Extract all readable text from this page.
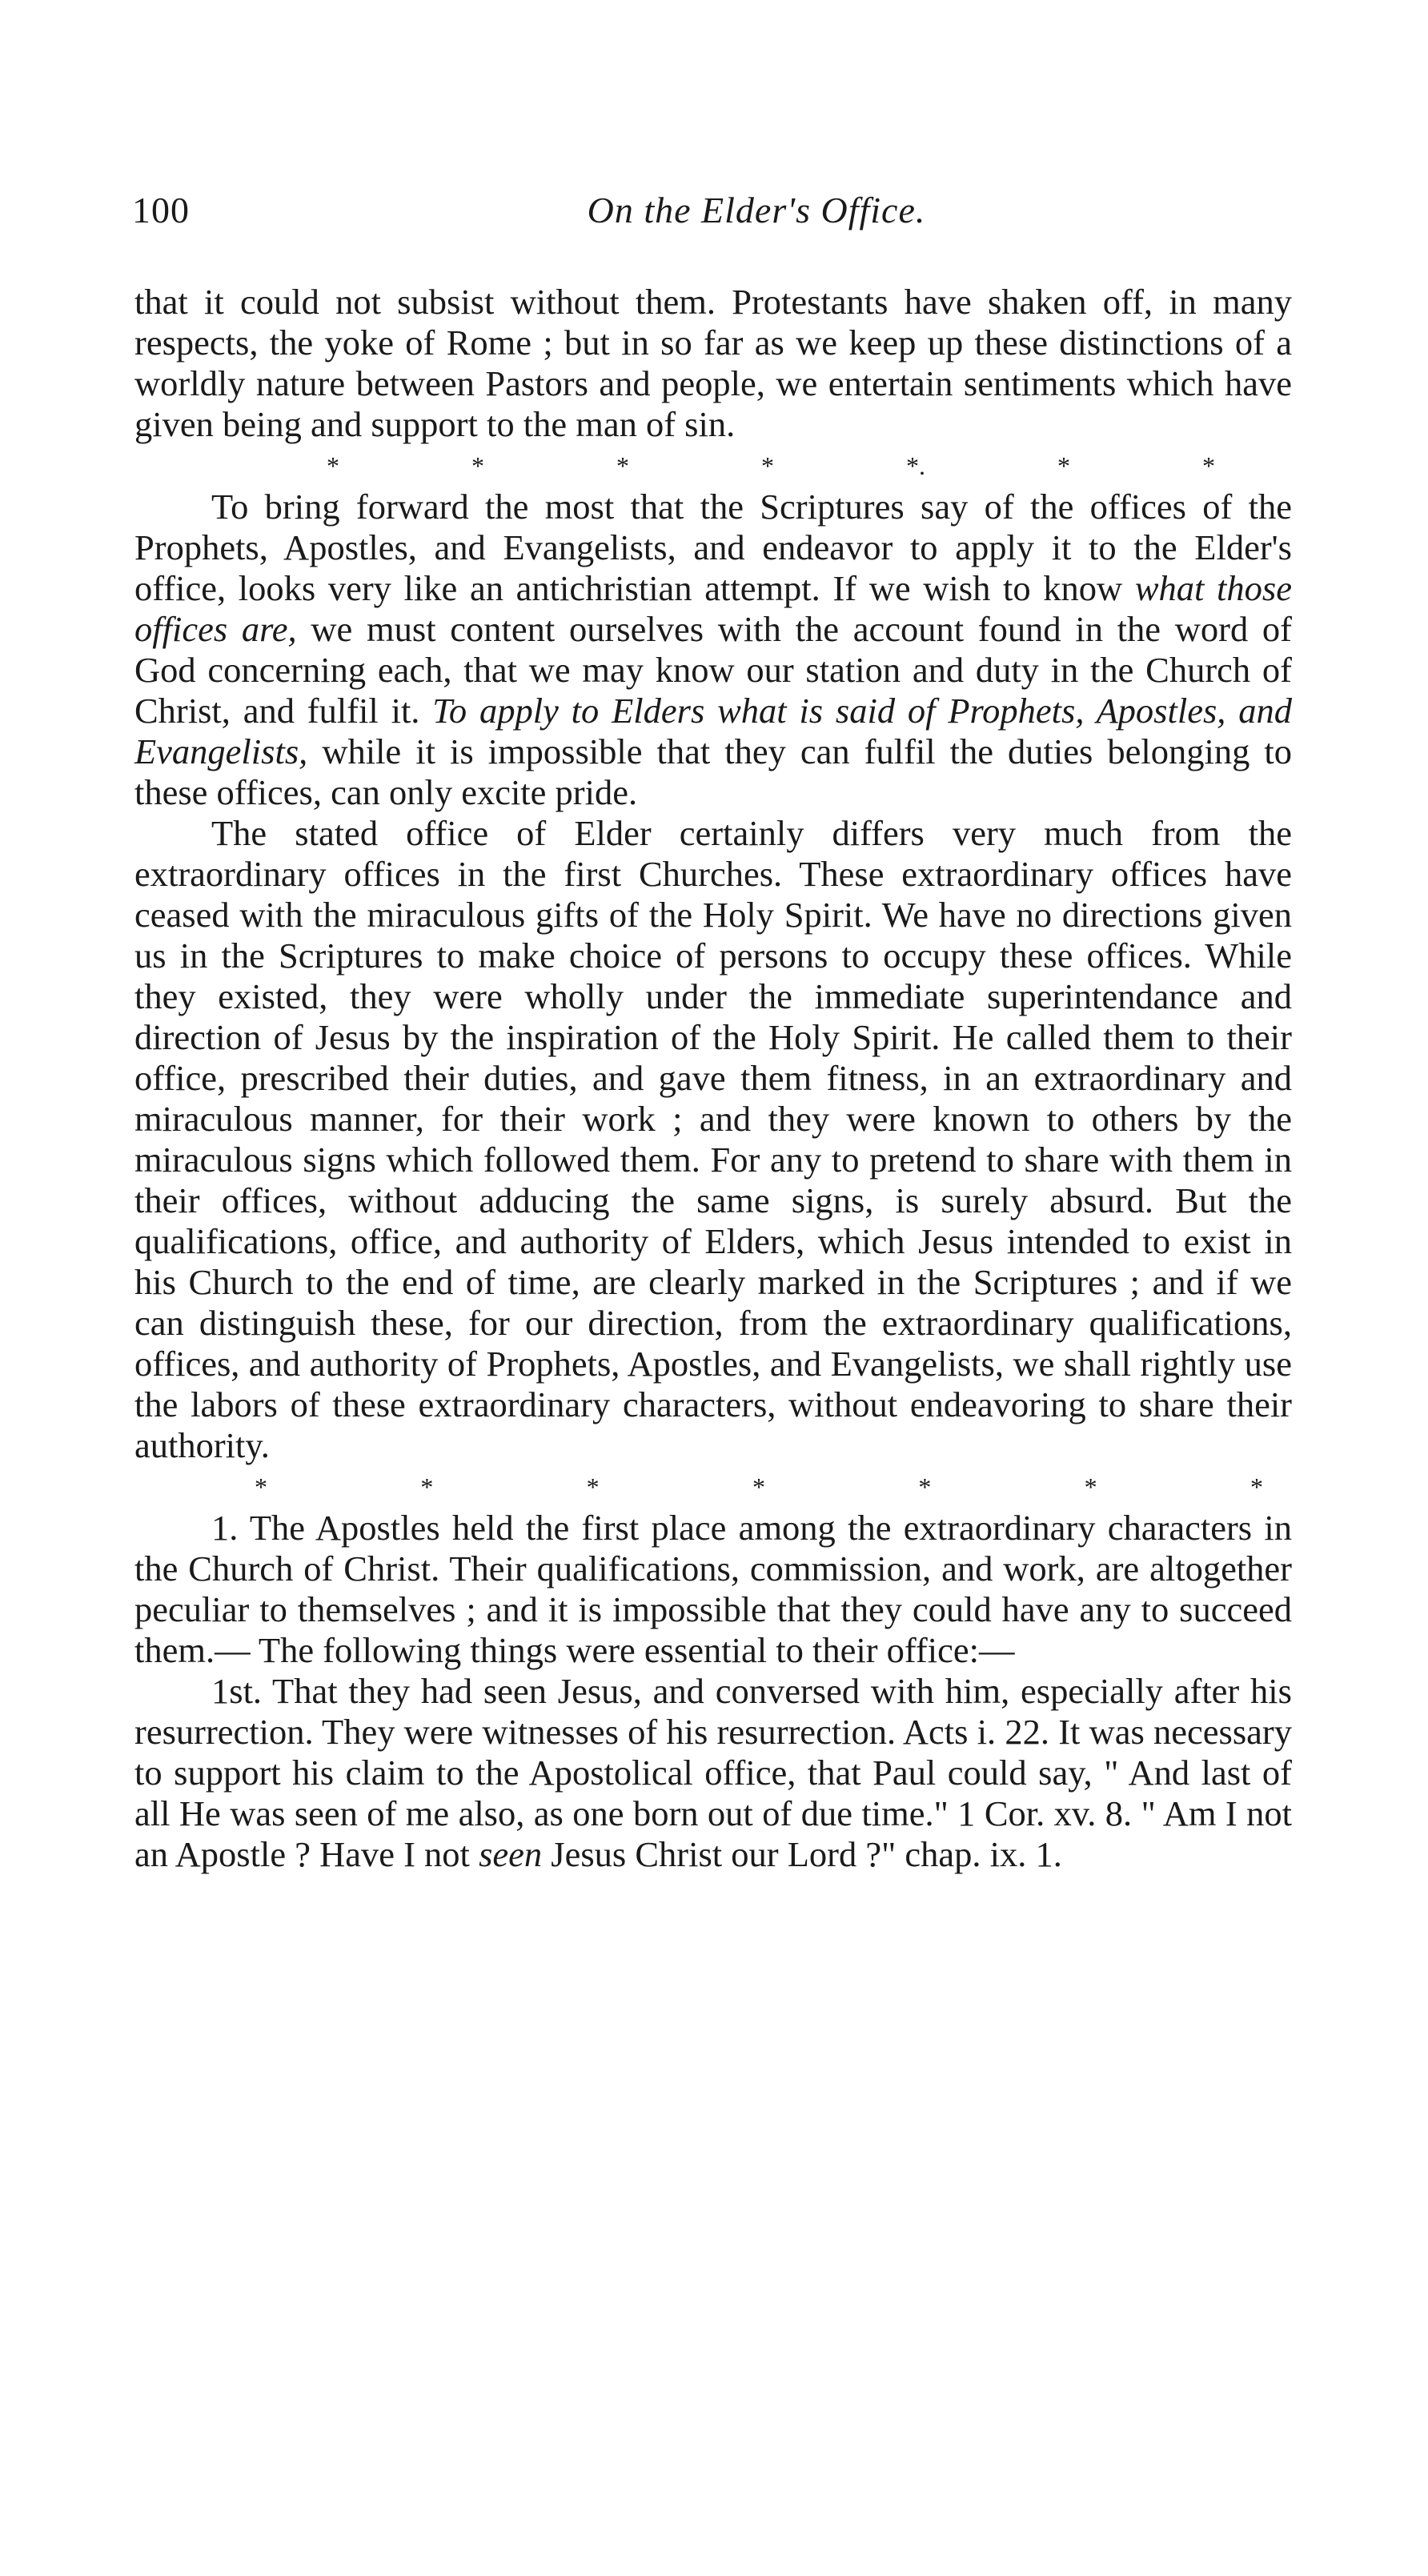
100	On the Elder's Office.

that it could not subsist without them. Protestants have shaken off, in many respects, the yoke of Rome ; but in so far as we keep up these distinctions of a worldly nature between Pastors and people, we entertain sentiments which have given being and support to the man of sin.

*	*	*	*	*.	*	*

To bring forward the most that the Scriptures say of the offices of the Prophets, Apostles, and Evangelists, and endeavor to apply it to the Elder's office, looks very like an antichristian attempt. If we wish to know what those offices are, we must content ourselves with the account found in the word of God concerning each, that we may know our station and duty in the Church of Christ, and fulfil it. To apply to Elders what is said of Prophets, Apostles, and Evangelists, while it is impossible that they can fulfil the duties belonging to these offices, can only excite pride.

The stated office of Elder certainly differs very much from the extraordinary offices in the first Churches. These extraordinary offices have ceased with the miraculous gifts of the Holy Spirit. We have no directions given us in the Scriptures to make choice of persons to occupy these offices. While they existed, they were wholly under the immediate superintendance and direction of Jesus by the inspiration of the Holy Spirit. He called them to their office, prescribed their duties, and gave them fitness, in an extraordinary and miraculous manner, for their work ; and they were known to others by the miraculous signs which followed them. For any to pretend to share with them in their offices, without adducing the same signs, is surely absurd. But the qualifications, office, and authority of Elders, which Jesus intended to exist in his Church to the end of time, are clearly marked in the Scriptures ; and if we can distinguish these, for our direction, from the extraordinary qualifications, offices, and authority of Prophets, Apostles, and Evangelists, we shall rightly use the labors of these extraordinary characters, without endeavoring to share their authority.

*	*	*	*	*	*	*

1. The Apostles held the first place among the extraordinary characters in the Church of Christ. Their qualifications, commission, and work, are altogether peculiar to themselves ; and it is impossible that they could have any to succeed them.— The following things were essential to their office:—

1st. That they had seen Jesus, and conversed with him, especially after his resurrection. They were witnesses of his resurrection. Acts i. 22. It was necessary to support his claim to the Apostolical office, that Paul could say, " And last of all He was seen of me also, as one born out of due time." 1 Cor. xv. 8. " Am I not an Apostle ? Have I not seen Jesus Christ our Lord ?" chap. ix. 1.
